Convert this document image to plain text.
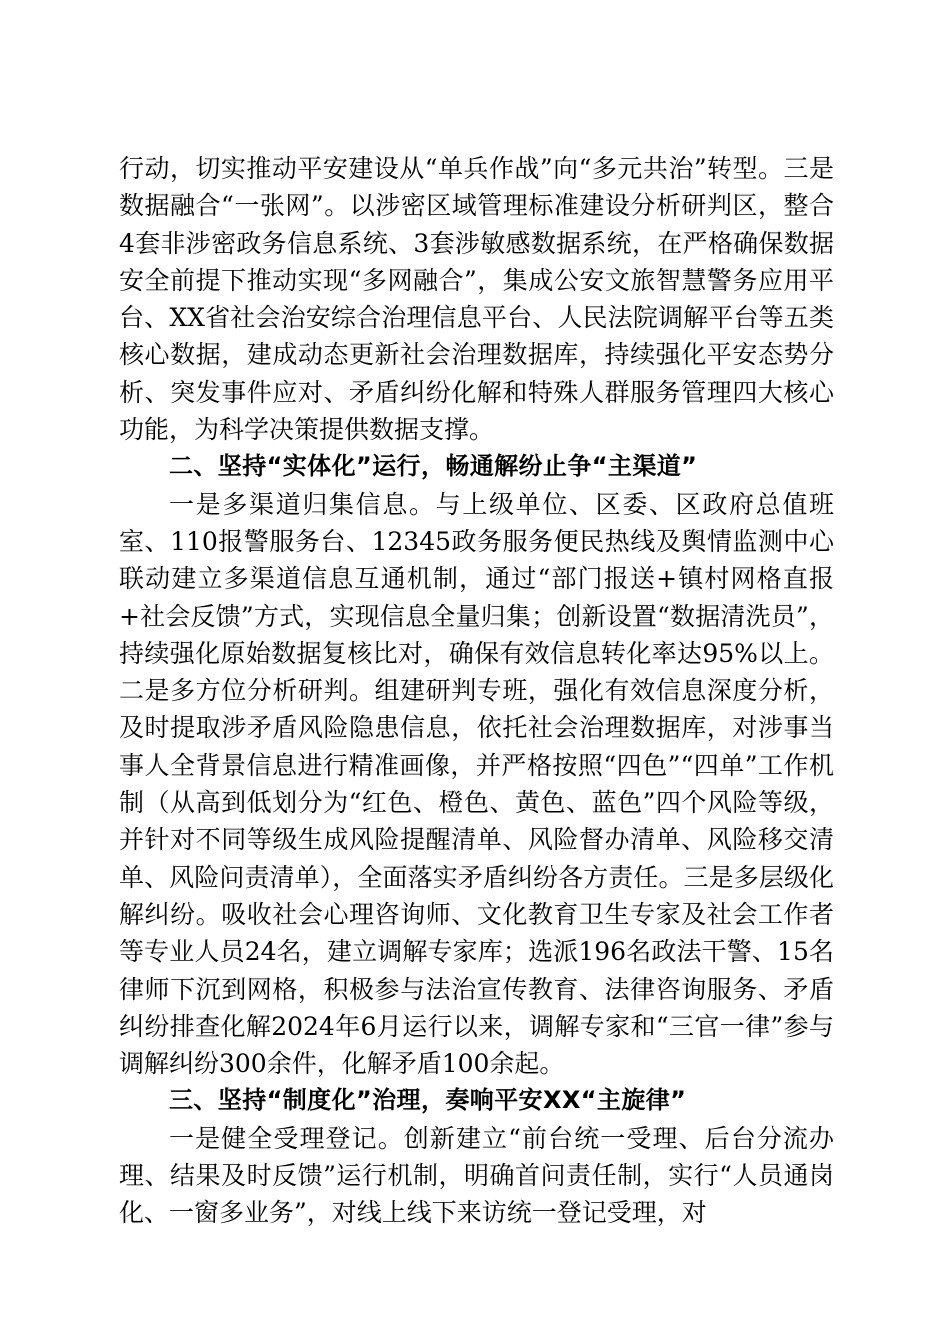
行动，切实推动平安建设从“单兵作战”向“多元共治”转型。三是数据融合“一张网”。以涉密区域管理标准建设分析研判区，整合4套非涉密政务信息系统、3套涉敏感数据系统，在严格确保数据安全前提下推动实现“多网融合”，集成公安文旅智慧警务应用平台、XX省社会治安综合治理信息平台、人民法院调解平台等五类核心数据，建成动态更新社会治理数据库，持续强化平安态势分析、突发事件应对、矛盾纠纷化解和特殊人群服务管理四大核心功能，为科学决策提供数据支撑。

二、坚持“实体化”运行，畅通解纷止争“主渠道”

一是多渠道归集信息。与上级单位、区委、区政府总值班室、110报警服务台、12345政务服务便民热线及舆情监测中心联动建立多渠道信息互通机制，通过“部门报送+镇村网格直报+社会反馈”方式，实现信息全量归集；创新设置“数据清洗员”，持续强化原始数据复核比对，确保有效信息转化率达95%以上。二是多方位分析研判。组建研判专班，强化有效信息深度分析，及时提取涉矛盾风险隐患信息，依托社会治理数据库，对涉事当事人全背景信息进行精准画像，并严格按照“四色”“四单”工作机制（从高到低划分为“红色、橙色、黄色、蓝色”四个风险等级，并针对不同等级生成风险提醒清单、风险督办清单、风险移交清单、风险问责清单），全面落实矛盾纠纷各方责任。三是多层级化解纠纷。吸收社会心理咨询师、文化教育卫生专家及社会工作者等专业人员24名，建立调解专家库；选派196名政法干警、15名律师下沉到网格，积极参与法治宣传教育、法律咨询服务、矛盾纠纷排查化解2024年6月运行以来，调解专家和“三官一律”参与调解纠纷300余件，化解矛盾100余起。

三、坚持“制度化”治理，奏响平安XX“主旋律”

一是健全受理登记。创新建立“前台统一受理、后台分流办理、结果及时反馈”运行机制，明确首问责任制，实行“人员通岗化、一窗多业务”，对线上线下来访统一登记受理，对
